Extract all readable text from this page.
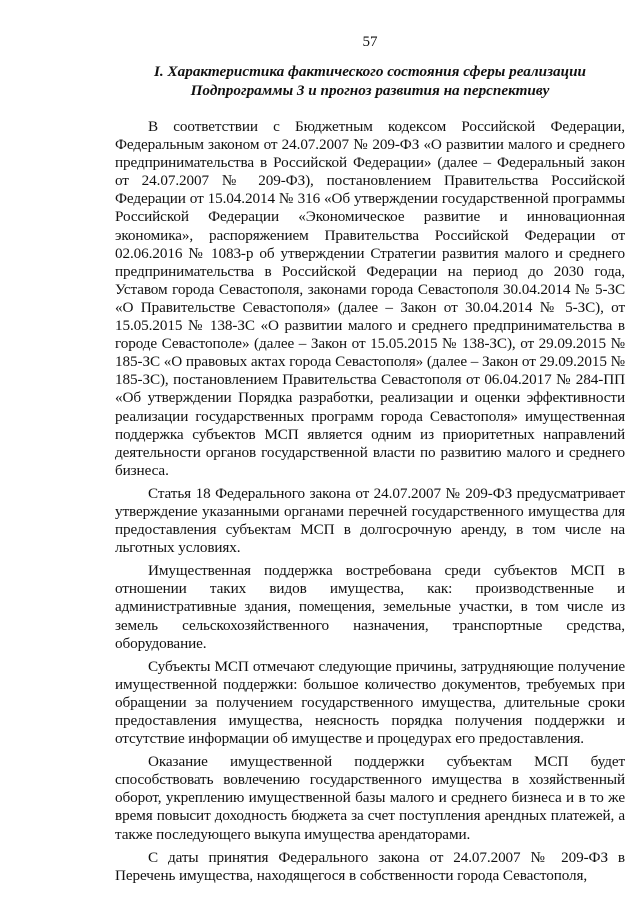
57
I. Характеристика фактического состояния сферы реализации
Подпрограммы 3 и прогноз развития на перспективу

В соответствии с Бюджетным кодексом Российской Федерации, Федеральным законом от 24.07.2007 № 209-ФЗ «О развитии малого и среднего предпринимательства в Российской Федерации» (далее – Федеральный закон от 24.07.2007 № 209-ФЗ), постановлением Правительства Российской Федерации от 15.04.2014 № 316 «Об утверждении государственной программы Российской Федерации «Экономическое развитие и инновационная экономика», распоряжением Правительства Российской Федерации от 02.06.2016 № 1083-р об утверждении Стратегии развития малого и среднего предпринимательства в Российской Федерации на период до 2030 года, Уставом города Севастополя, законами города Севастополя 30.04.2014 № 5-ЗС «О Правительстве Севастополя» (далее – Закон от 30.04.2014 № 5-ЗС), от 15.05.2015 № 138-ЗС «О развитии малого и среднего предпринимательства в городе Севастополе» (далее – Закон от 15.05.2015 № 138-ЗС), от 29.09.2015 № 185-ЗС «О правовых актах города Севастополя» (далее – Закон от 29.09.2015 № 185-ЗС), постановлением Правительства Севастополя от 06.04.2017 № 284-ПП «Об утверждении Порядка разработки, реализации и оценки эффективности реализации государственных программ города Севастополя» имущественная поддержка субъектов МСП является одним из приоритетных направлений деятельности органов государственной власти по развитию малого и среднего бизнеса.

Статья 18 Федерального закона от 24.07.2007 № 209-ФЗ предусматривает утверждение указанными органами перечней государственного имущества для предоставления субъектам МСП в долгосрочную аренду, в том числе на льготных условиях.

Имущественная поддержка востребована среди субъектов МСП в отношении таких видов имущества, как: производственные и административные здания, помещения, земельные участки, в том числе из земель сельскохозяйственного назначения, транспортные средства, оборудование.

Субъекты МСП отмечают следующие причины, затрудняющие получение имущественной поддержки: большое количество документов, требуемых при обращении за получением государственного имущества, длительные сроки предоставления имущества, неясность порядка получения поддержки и отсутствие информации об имуществе и процедурах его предоставления.

Оказание имущественной поддержки субъектам МСП будет способствовать вовлечению государственного имущества в хозяйственный оборот, укреплению имущественной базы малого и среднего бизнеса и в то же время повысит доходность бюджета за счет поступления арендных платежей, а также последующего выкупа имущества арендаторами.

С даты принятия Федерального закона от 24.07.2007 № 209-ФЗ в Перечень имущества, находящегося в собственности города Севастополя,
